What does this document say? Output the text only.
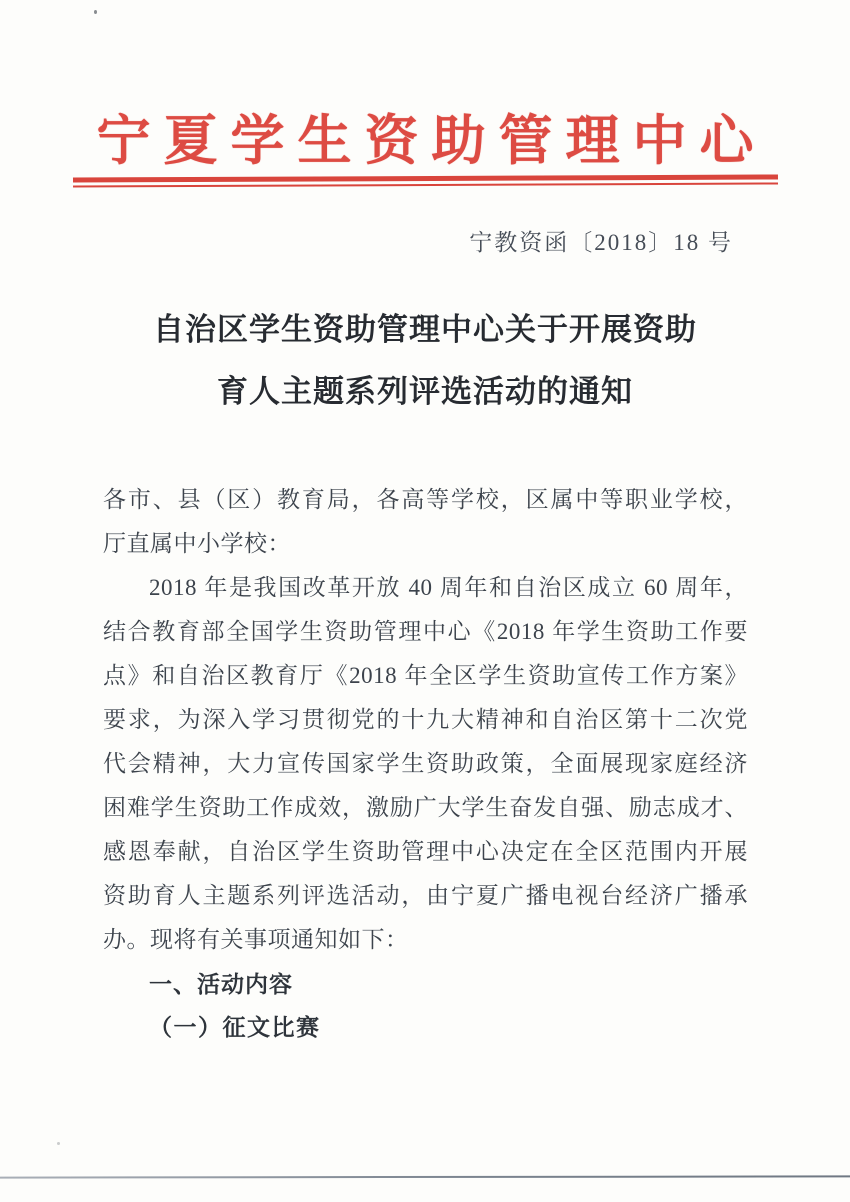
宁夏学生资助管理中心
宁教资函〔2018〕18 号
自治区学生资助管理中心关于开展资助
育人主题系列评选活动的通知
各市、县（区）教育局，各高等学校，区属中等职业学校，
厅直属中小学校：
2018 年是我国改革开放 40 周年和自治区成立 60 周年，
结合教育部全国学生资助管理中心《2018 年学生资助工作要
点》和自治区教育厅《2018 年全区学生资助宣传工作方案》
要求，为深入学习贯彻党的十九大精神和自治区第十二次党
代会精神，大力宣传国家学生资助政策，全面展现家庭经济
困难学生资助工作成效，激励广大学生奋发自强、励志成才、
感恩奉献，自治区学生资助管理中心决定在全区范围内开展
资助育人主题系列评选活动，由宁夏广播电视台经济广播承
办。现将有关事项通知如下：
一、活动内容
（一）征文比赛
